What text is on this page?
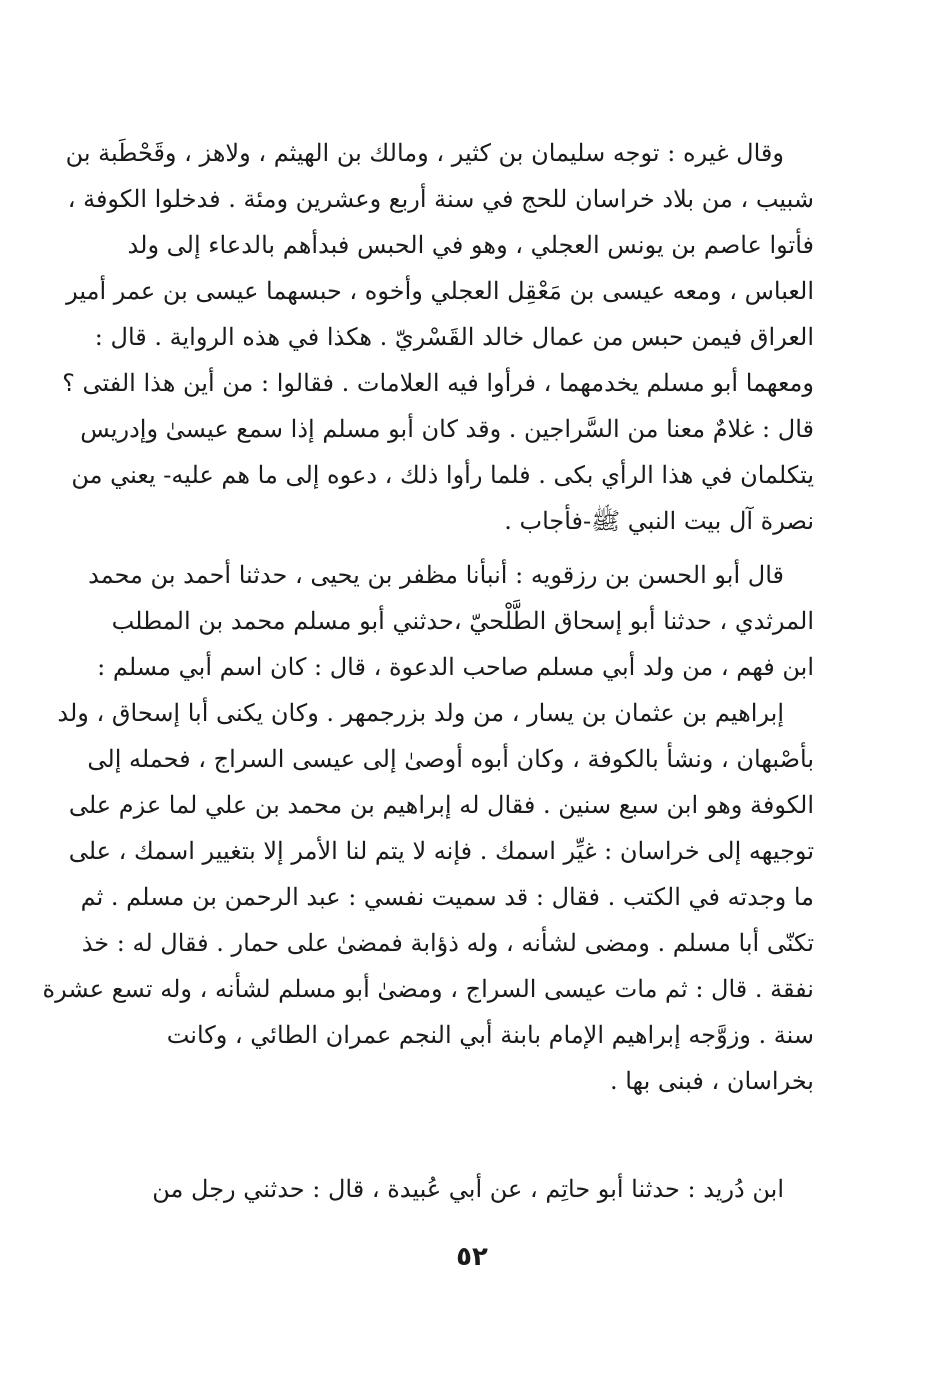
وقال غيره : توجه سليمان بن كثير ، ومالك بن الهيثم ، ولاهز ، وقَحْطَبة بن
شبيب ، من بلاد خراسان للحج في سنة أربع وعشرين ومئة . فدخلوا الكوفة ،
فأتوا عاصم بن يونس العجلي ، وهو في الحبس فبدأهم بالدعاء إلى ولد
العباس ، ومعه عيسى بن مَعْقِل العجلي وأخوه ، حبسهما عيسى بن عمر أمير
العراق فيمن حبس من عمال خالد القَسْريّ . هكذا في هذه الرواية . قال :
ومعهما أبو مسلم يخدمهما ، فرأوا فيه العلامات . فقالوا : من أين هذا الفتى ؟
قال : غلامٌ معنا من السَّراجين . وقد كان أبو مسلم إذا سمع عيسىٰ وإدريس
يتكلمان في هذا الرأي بكى . فلما رأوا ذلك ، دعوه إلى ما هم عليه- يعني من
نصرة آل بيت النبي ﷺ-فأجاب .
قال أبو الحسن بن رزقويه : أنبأنا مظفر بن يحيى ، حدثنا أحمد بن محمد
المرثدي ، حدثنا أبو إسحاق الطَّلْحيّ ،حدثني أبو مسلم محمد بن المطلب
ابن فهم ، من ولد أبي مسلم صاحب الدعوة ، قال : كان اسم أبي مسلم :
إبراهيم بن عثمان بن يسار ، من ولد بزرجمهر . وكان يكنى أبا إسحاق ، ولد
بأصْبهان ، ونشأ بالكوفة ، وكان أبوه أوصىٰ إلى عيسى السراج ، فحمله إلى
الكوفة وهو ابن سبع سنين . فقال له إبراهيم بن محمد بن علي لما عزم على
توجيهه إلى خراسان : غيِّر اسمك . فإنه لا يتم لنا الأمر إلا بتغيير اسمك ، على
ما وجدته في الكتب . فقال : قد سميت نفسي : عبد الرحمن بن مسلم . ثم
تكنّى أبا مسلم . ومضى لشأنه ، وله ذؤابة فمضىٰ على حمار . فقال له : خذ
نفقة . قال : ثم مات عيسى السراج ، ومضىٰ أبو مسلم لشأنه ، وله تسع عشرة
سنة . وزوَّجه إبراهيم الإمام بابنة أبي النجم عمران الطائي ، وكانت
بخراسان ، فبنى بها .
ابن دُريد : حدثنا أبو حاتِم ، عن أبي عُبيدة ، قال : حدثني رجل من
٥٢
